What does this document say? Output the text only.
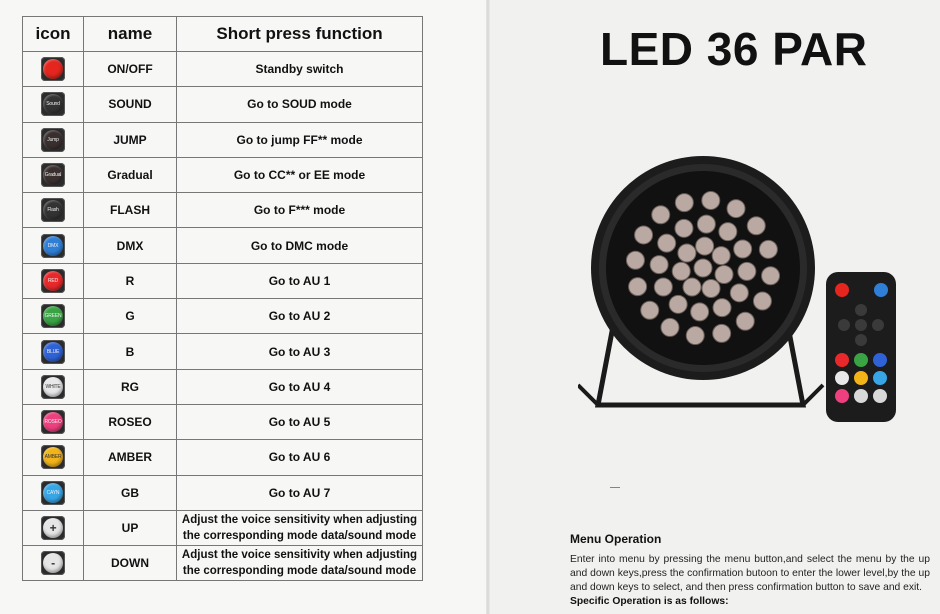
icon	name	Short press function

	ON/OFF	Standby switch

Sound	SOUND	Go to SOUD mode

Jump	JUMP	Go to jump FF** mode

Gradual	Gradual	Go to CC** or EE mode

Flash	FLASH	Go to F*** mode

DMX	DMX	Go to DMC mode

RED	R	Go to AU 1

GREEN	G	Go to AU 2

BLUE	B	Go to AU 3

WHITE	RG	Go to AU 4

ROSEO	ROSEO	Go to AU 5

AMBER	AMBER	Go to AU 6

CAYN	GB	Go to AU 7

+	UP	Adjust the voice sensitivity when adjusting the corresponding mode data/sound mode

-	DOWN	Adjust the voice sensitivity when adjusting the corresponding mode data/sound mode
LED 36 PAR
Menu Operation
Enter into menu by pressing the menu button,and select the menu by the up and down keys,press the confirmation butoon to enter the lower level,by the up and down keys to select, and then press confirmation button to save and exit.
Specific Operation is as follows:
